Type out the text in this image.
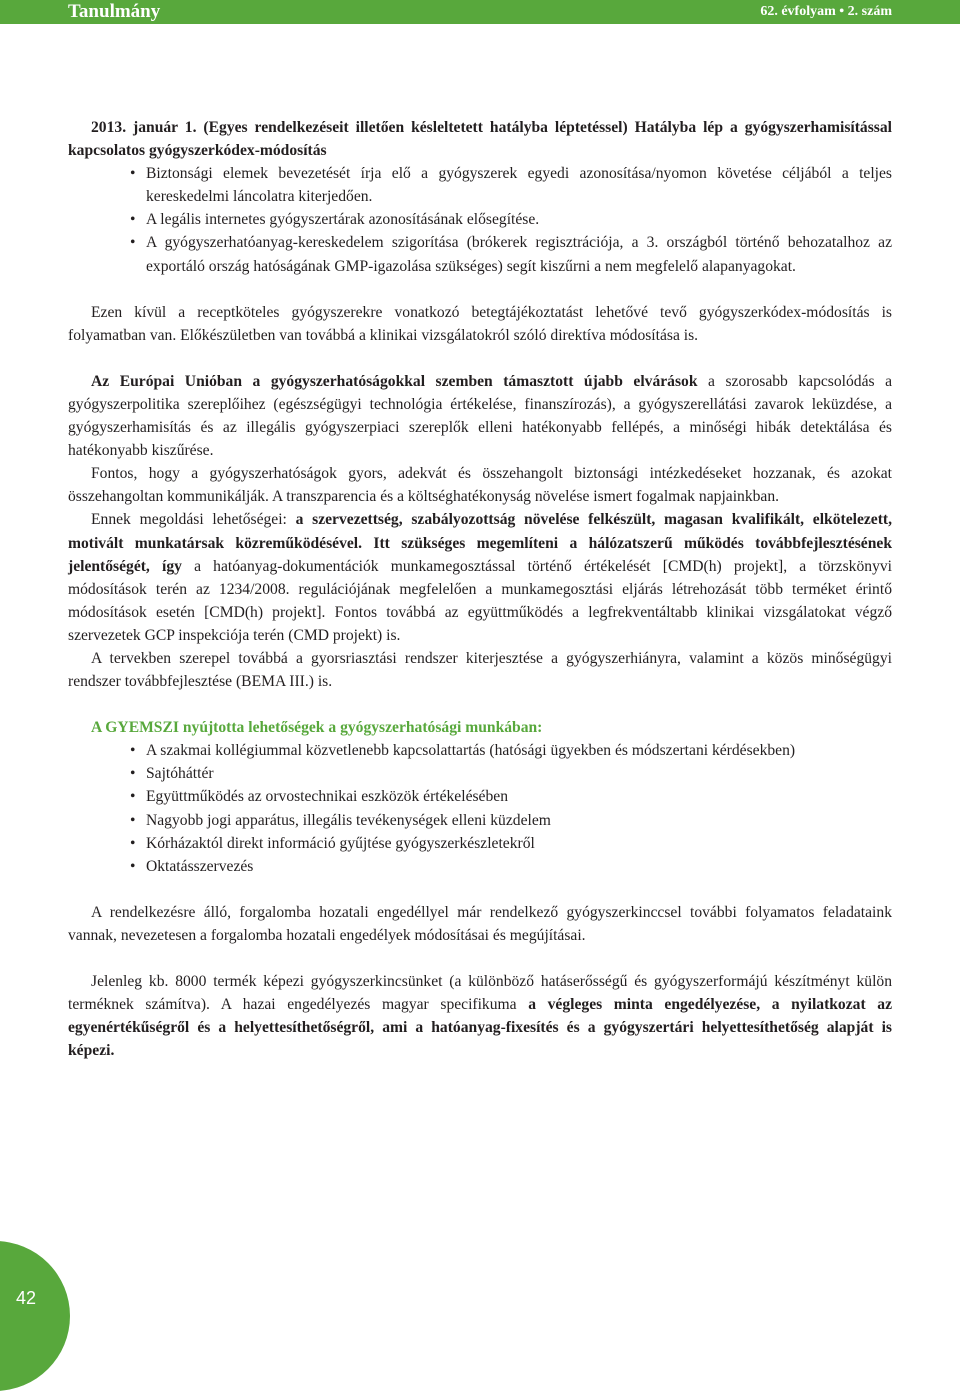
Tanulmány	62. évfolyam • 2. szám

2013. január 1. (Egyes rendelkezéseit illetően késleltetett hatályba léptetéssel) Hatályba lép a gyógyszerhamisítással kapcsolatos gyógyszerkódex-módosítás

• Biztonsági elemek bevezetését írja elő a gyógyszerek egyedi azonosítása/nyomon követése céljából a teljes kereskedelmi láncolatra kiterjedően.
• A legális internetes gyógyszertárak azonosításának elősegítése.
• A gyógyszerhatóanyag-kereskedelem szigorítása (brókerek regisztrációja, a 3. országból történő behozatalhoz az exportáló ország hatóságának GMP-igazolása szükséges) segít kiszűrni a nem megfelelő alapanyagokat.

Ezen kívül a receptköteles gyógyszerekre vonatkozó betegtájékoztatást lehetővé tevő gyógyszerkódex-módosítás is folyamatban van. Előkészületben van továbbá a klinikai vizsgálatokról szóló direktíva módosítása is.

Az Európai Unióban a gyógyszerhatóságokkal szemben támasztott újabb elvárások a szorosabb kapcsolódás a gyógyszerpolitika szereplőihez (egészségügyi technológia értékelése, finanszírozás), a gyógyszerellátási zavarok leküzdése, a gyógyszerhamisítás és az illegális gyógyszerpiaci szereplők elleni hatékonyabb fellépés, a minőségi hibák detektálása és hatékonyabb kiszűrése.

Fontos, hogy a gyógyszerhatóságok gyors, adekvát és összehangolt biztonsági intézkedéseket hozzanak, és azokat összehangoltan kommunikálják. A transzparencia és a költséghatékonyság növelése ismert fogalmak napjainkban.

Ennek megoldási lehetőségei: a szervezettség, szabályozottság növelése felkészült, magasan kvalifikált, elkötelezett, motivált munkatársak közreműködésével. Itt szükséges megemlíteni a hálózatszerű működés továbbfejlesztésének jelentőségét, így a hatóanyag-dokumentációk munkamegosztással történő értékelését [CMD(h) projekt], a törzskönyvi módosítások terén az 1234/2008. regulációjának megfelelően a munkamegosztási eljárás létrehozását több terméket érintő módosítások esetén [CMD(h) projekt]. Fontos továbbá az együttműködés a legfrekventáltabb klinikai vizsgálatokat végző szervezetek GCP inspekciója terén (CMD projekt) is.

A tervekben szerepel továbbá a gyorsriasztási rendszer kiterjesztése a gyógyszerhiányra, valamint a közös minőségügyi rendszer továbbfejlesztése (BEMA III.) is.

A GYEMSZI nyújtotta lehetőségek a gyógyszerhatósági munkában:

• A szakmai kollégiummal közvetlenebb kapcsolattartás (hatósági ügyekben és módszertani kérdésekben)
• Sajtóháttér
• Együttműködés az orvostechnikai eszközök értékelésében
• Nagyobb jogi apparátus, illegális tevékenységek elleni küzdelem
• Kórházaktól direkt információ gyűjtése gyógyszerkészletekről
• Oktatásszervezés

A rendelkezésre álló, forgalomba hozatali engedéllyel már rendelkező gyógyszerkinccsel további folyamatos feladataink vannak, nevezetesen a forgalomba hozatali engedélyek módosításai és megújításai.

Jelenleg kb. 8000 termék képezi gyógyszerkincsünket (a különböző hatáserősségű és gyógyszerformájú készítményt külön terméknek számítva). A hazai engedélyezés magyar specifikuma a végleges minta engedélyezése, a nyilatkozat az egyenértékűségről és a helyettesíthetőségről, ami a hatóanyag-fixesítés és a gyógyszertári helyettesíthetőség alapját is képezi.

42
